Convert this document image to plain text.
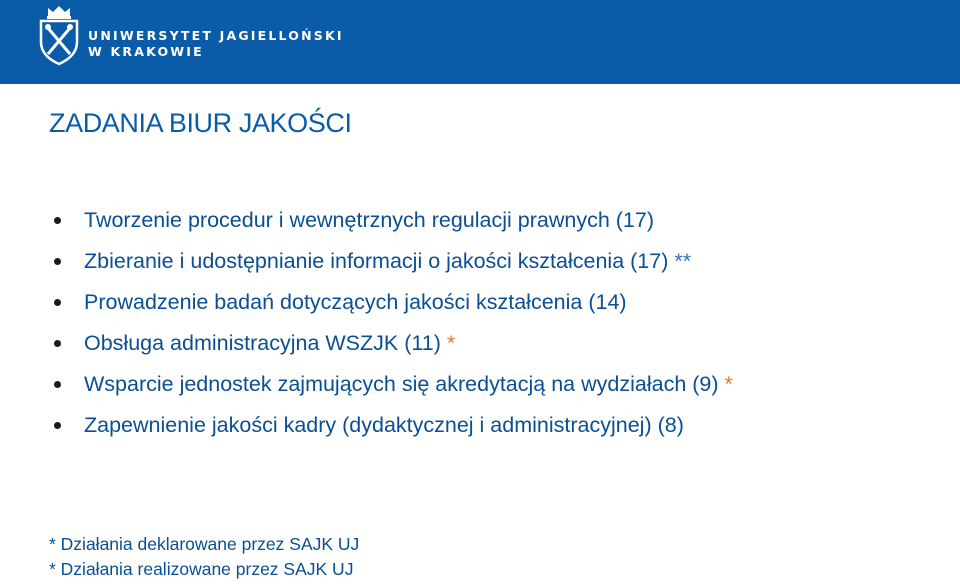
UNIWERSYTET JAGIELLOŃSKI
W KRAKOWIE
ZADANIA BIUR JAKOŚCI
Tworzenie procedur i wewnętrznych regulacji prawnych (17)
Zbieranie i udostępnianie informacji o jakości kształcenia (17) **
Prowadzenie badań dotyczących jakości kształcenia (14)
Obsługa administracyjna WSZJK (11) *
Wsparcie jednostek zajmujących się akredytacją na wydziałach (9) *
Zapewnienie jakości kadry (dydaktycznej i administracyjnej) (8)
* Działania deklarowane przez SAJK UJ
* Działania realizowane przez SAJK UJ
